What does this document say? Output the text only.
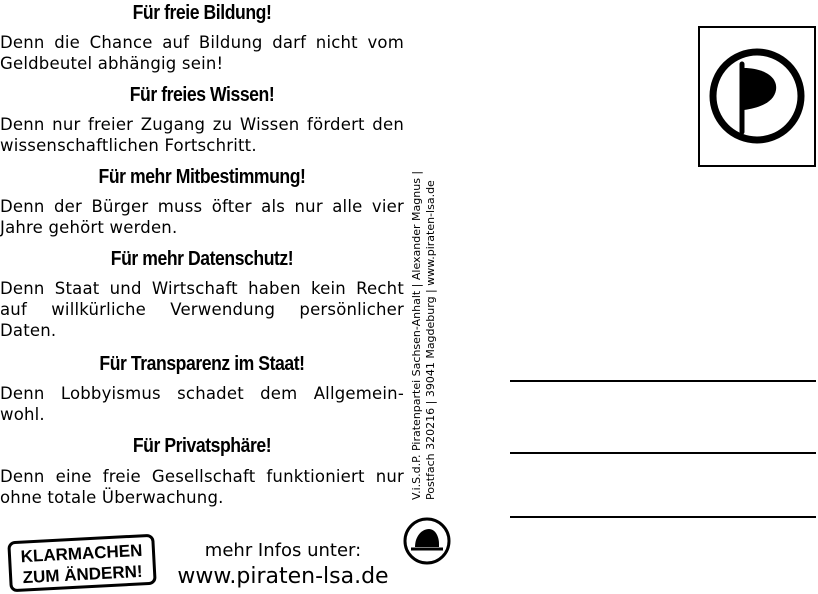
Für freie Bildung!

Denn die Chance auf Bildung darf nicht vom Geldbeutel abhängig sein!

Für freies Wissen!

Denn nur freier Zugang zu Wissen fördert den wissenschaftlichen Fortschritt.

Für mehr Mitbestimmung!

Denn der Bürger muss öfter als nur alle vier Jahre gehört werden.

Für mehr Datenschutz!

Denn Staat und Wirtschaft haben kein Recht auf willkürliche Verwendung persönlicher Daten.

Für Transparenz im Staat!

Denn Lobbyismus schadet dem Allgemein-wohl.

Für Privatsphäre!

Denn eine freie Gesellschaft funktioniert nur ohne totale Überwachung.	V.i.S.d.P. Piratenpartei Sachsen-Anhalt | Alexander Magnus | Postfach 320216 | 39041 Magdeburg | www.piraten-lsa.de
KLARMACHEN
ZUM ÄNDERN!
mehr Infos unter:
www.piraten-lsa.de
